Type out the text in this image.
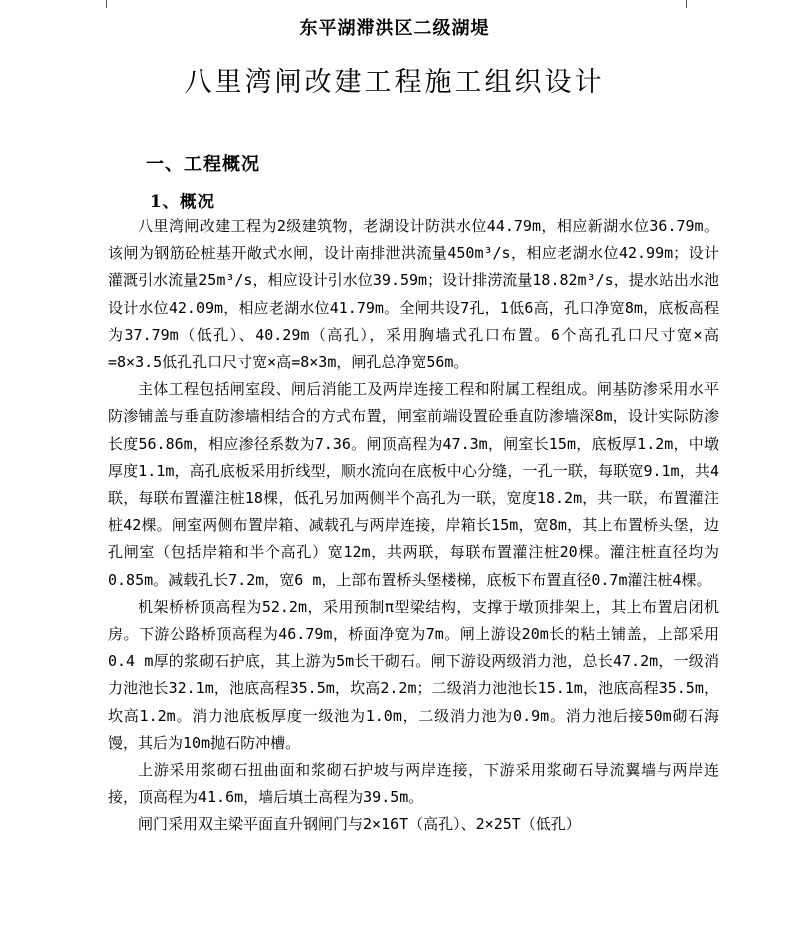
东平湖滞洪区二级湖堤
八里湾闸改建工程施工组织设计
一、工程概况
1、概况

八里湾闸改建工程为2级建筑物，老湖设计防洪水位44.79m，相应新湖水位36.79m。该闸为钢筋砼桩基开敞式水闸，设计南排泄洪流量450m³/s，相应老湖水位42.99m；设计灌溉引水流量25m³/s，相应设计引水位39.59m；设计排涝流量18.82m³/s，提水站出水池设计水位42.09m，相应老湖水位41.79m。全闸共设7孔，1低6高，孔口净宽8m，底板高程为37.79m（低孔）、40.29m（高孔），采用胸墙式孔口布置。6个高孔孔口尺寸宽×高=8×3.5低孔孔口尺寸宽×高=8×3m，闸孔总净宽56m。

主体工程包括闸室段、闸后消能工及两岸连接工程和附属工程组成。闸基防渗采用水平防渗铺盖与垂直防渗墙相结合的方式布置，闸室前端设置砼垂直防渗墙深8m，设计实际防渗长度56.86m，相应渗径系数为7.36。闸顶高程为47.3m，闸室长15m，底板厚1.2m，中墩厚度1.1m，高孔底板采用折线型，顺水流向在底板中心分缝，一孔一联，每联宽9.1m，共4联，每联布置灌注桩18棵，低孔另加两侧半个高孔为一联，宽度18.2m，共一联，布置灌注桩42棵。闸室两侧布置岸箱、减载孔与两岸连接，岸箱长15m，宽8m，其上布置桥头堡，边孔闸室（包括岸箱和半个高孔）宽12m，共两联，每联布置灌注桩20棵。灌注桩直径均为0.85m。减载孔长7.2m，宽6 m，上部布置桥头堡楼梯，底板下布置直径0.7m灌注桩4棵。

机架桥桥顶高程为52.2m，采用预制π型梁结构，支撑于墩顶排架上，其上布置启闭机房。下游公路桥顶高程为46.79m，桥面净宽为7m。闸上游设20m长的粘土铺盖，上部采用0.4 m厚的浆砌石护底，其上游为5m长干砌石。闸下游设两级消力池，总长47.2m，一级消力池池长32.1m，池底高程35.5m，坎高2.2m；二级消力池池长15.1m，池底高程35.5m，坎高1.2m。消力池底板厚度一级池为1.0m，二级消力池为0.9m。消力池后接50m砌石海馒，其后为10m抛石防冲槽。

上游采用浆砌石扭曲面和浆砌石护坡与两岸连接，下游采用浆砌石导流翼墙与两岸连接，顶高程为41.6m，墙后填土高程为39.5m。

闸门采用双主梁平面直升钢闸门与2×16T（高孔）、2×25T（低孔）
